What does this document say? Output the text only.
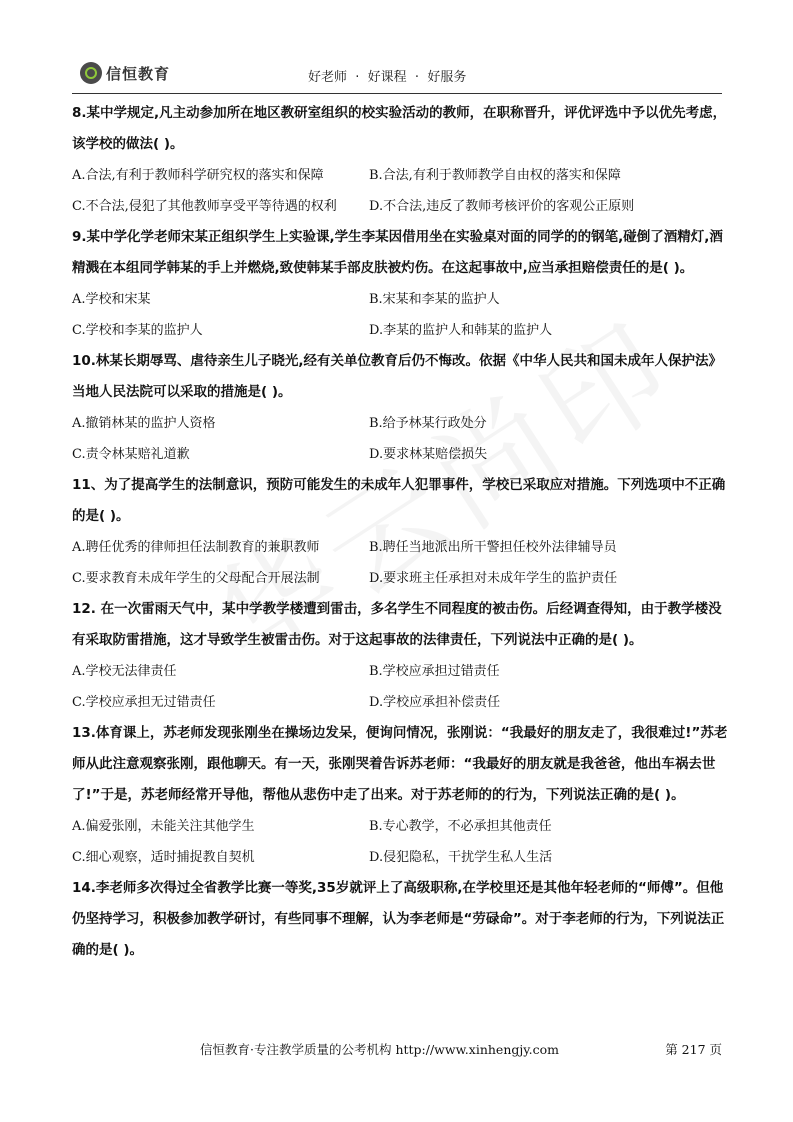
信恒教育	好老师  ·  好课程  ·  好服务

8.某中学规定,凡主动参加所在地区教研室组织的校实验活动的教师，在职称晋升，评优评选中予以优先考虑，该学校的做法( )。

A.合法,有利于教师科学研究权的落实和保障	B.合法,有利于教师教学自由权的落实和保障
C.不合法,侵犯了其他教师享受平等待遇的权利	D.不合法,违反了教师考核评价的客观公正原则

9.某中学化学老师宋某正组织学生上实验课,学生李某因借用坐在实验桌对面的同学的的钢笔,碰倒了酒精灯,酒精溅在本组同学韩某的手上并燃烧,致使韩某手部皮肤被灼伤。在这起事故中,应当承担赔偿责任的是( )。

A.学校和宋某	B.宋某和李某的监护人
C.学校和李某的监护人	D.李某的监护人和韩某的监护人

10.林某长期辱骂、虐待亲生儿子晓光,经有关单位教育后仍不悔改。依据《中华人民共和国未成年人保护法》当地人民法院可以采取的措施是( )。

A.撤销林某的监护人资格	B.给予林某行政处分
C.责令林某赔礼道歉	D.要求林某赔偿损失

11、为了提高学生的法制意识，预防可能发生的未成年人犯罪事件，学校已采取应对措施。下列选项中不正确的是( )。

A.聘任优秀的律师担任法制教育的兼职教师	B.聘任当地派出所干警担任校外法律辅导员
C.要求教育未成年学生的父母配合开展法制	D.要求班主任承担对未成年学生的监护责任

12. 在一次雷雨天气中，某中学教学楼遭到雷击，多名学生不同程度的被击伤。后经调查得知，由于教学楼没有采取防雷措施，这才导致学生被雷击伤。对于这起事故的法律责任，下列说法中正确的是( )。

A.学校无法律责任	B.学校应承担过错责任
C.学校应承担无过错责任	D.学校应承担补偿责任

13.体育课上，苏老师发现张刚坐在操场边发呆，便询问情况，张刚说：“我最好的朋友走了，我很难过!”苏老师从此注意观察张刚，跟他聊天。有一天，张刚哭着告诉苏老师：“我最好的朋友就是我爸爸，他出车祸去世了!”于是，苏老师经常开导他，帮他从悲伤中走了出来。对于苏老师的的行为，下列说法正确的是( )。

A.偏爱张刚，未能关注其他学生	B.专心教学，不必承担其他责任
C.细心观察，适时捕捉教自契机	D.侵犯隐私，干扰学生私人生活

14.李老师多次得过全省教学比赛一等奖,35岁就评上了高级职称,在学校里还是其他年轻老师的“师傅”。但他仍坚持学习，积极参加教学研讨，有些同事不理解，认为李老师是“劳碌命”。对于李老师的行为，下列说法正确的是( )。

信恒教育·专注教学质量的公考机构 http://www.xinhengjy.com	第 217 页
